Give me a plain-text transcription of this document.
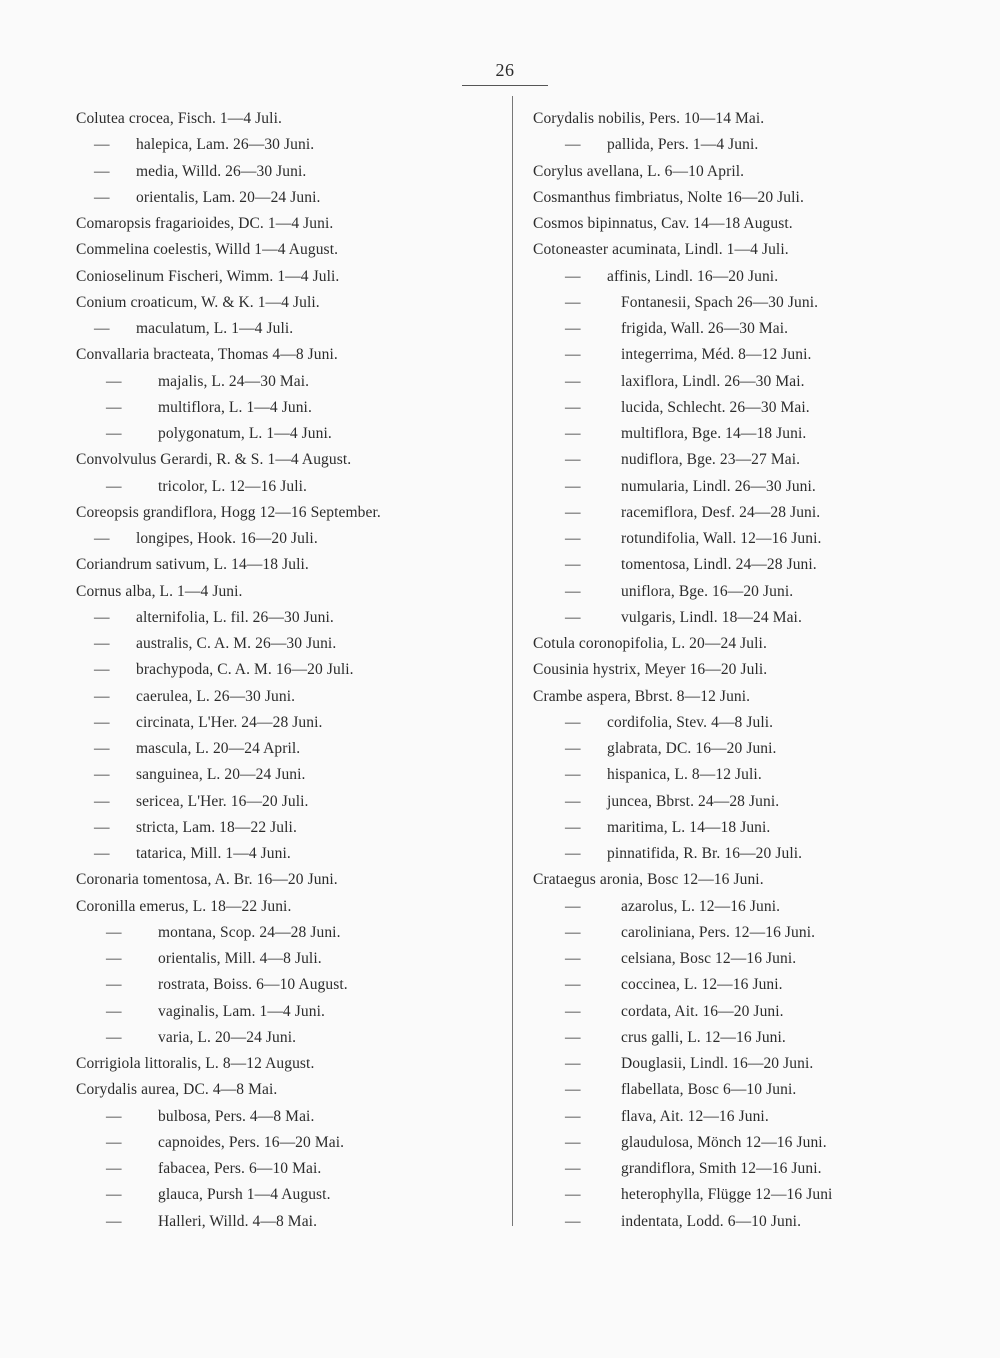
26
Colutea crocea, Fisch. 1—4 Juli.
— halepica, Lam. 26—30 Juni.
— media, Willd. 26—30 Juni.
— orientalis, Lam. 20—24 Juni.
Comaropsis fragarioides, DC. 1—4 Juni.
Commelina coelestis, Willd 1—4 August.
Conioselinum Fischeri, Wimm. 1—4 Juli.
Conium croaticum, W. & K. 1—4 Juli.
— maculatum, L. 1—4 Juli.
Convallaria bracteata, Thomas 4—8 Juni.
— majalis, L. 24—30 Mai.
— multiflora, L. 1—4 Juni.
— polygonatum, L. 1—4 Juni.
Convolvulus Gerardi, R. & S. 1—4 August.
— tricolor, L. 12—16 Juli.
Coreopsis grandiflora, Hogg 12—16 September.
— longipes, Hook. 16—20 Juli.
Coriandrum sativum, L. 14—18 Juli.
Cornus alba, L. 1—4 Juni.
— alternifolia, L. fil. 26—30 Juni.
— australis, C. A. M. 26—30 Juni.
— brachypoda, C. A. M. 16—20 Juli.
— caerulea, L. 26—30 Juni.
— circinata, L'Her. 24—28 Juni.
— mascula, L. 20—24 April.
— sanguinea, L. 20—24 Juni.
— sericea, L'Her. 16—20 Juli.
— stricta, Lam. 18—22 Juli.
— tatarica, Mill. 1—4 Juni.
Coronaria tomentosa, A. Br. 16—20 Juni.
Coronilla emerus, L. 18—22 Juni.
— montana, Scop. 24—28 Juni.
— orientalis, Mill. 4—8 Juli.
— rostrata, Boiss. 6—10 August.
— vaginalis, Lam. 1—4 Juni.
— varia, L. 20—24 Juni.
Corrigiola littoralis, L. 8—12 August.
Corydalis aurea, DC. 4—8 Mai.
— bulbosa, Pers. 4—8 Mai.
— capnoides, Pers. 16—20 Mai.
— fabacea, Pers. 6—10 Mai.
— glauca, Pursh 1—4 August.
— Halleri, Willd. 4—8 Mai.
Corydalis nobilis, Pers. 10—14 Mai.
— pallida, Pers. 1—4 Juni.
Corylus avellana, L. 6—10 April.
Cosmanthus fimbriatus, Nolte 16—20 Juli.
Cosmos bipinnatus, Cav. 14—18 August.
Cotoneaster acuminata, Lindl. 1—4 Juli.
— affinis, Lindl. 16—20 Juni.
—	Fontanesii, Spach 26—30 Juni.
—	frigida, Wall. 26—30 Mai.
—	integerrima, Méd. 8—12 Juni.
—	laxiflora, Lindl. 26—30 Mai.
—	lucida, Schlecht. 26—30 Mai.
—	multiflora, Bge. 14—18 Juni.
—	nudiflora, Bge. 23—27 Mai.
—	numularia, Lindl. 26—30 Juni.
—	racemiflora, Desf. 24—28 Juni.
—	rotundifolia, Wall. 12—16 Juni.
—	tomentosa, Lindl. 24—28 Juni.
—	uniflora, Bge. 16—20 Juni.
—	vulgaris, Lindl. 18—24 Mai.
Cotula coronopifolia, L. 20—24 Juli.
Cousinia hystrix, Meyer 16—20 Juli.
Crambe aspera, Bbrst. 8—12 Juni.
— cordifolia, Stev. 4—8 Juli.
— glabrata, DC. 16—20 Juni.
— hispanica, L. 8—12 Juli.
— juncea, Bbrst. 24—28 Juni.
— maritima, L. 14—18 Juni.
— pinnatifida, R. Br. 16—20 Juli.
Crataegus aronia, Bosc 12—16 Juni.
—	azarolus, L. 12—16 Juni.
—	caroliniana, Pers. 12—16 Juni.
—	celsiana, Bosc 12—16 Juni.
—	coccinea, L. 12—16 Juni.
—	cordata, Ait. 16—20 Juni.
—	crus galli, L. 12—16 Juni.
—	Douglasii, Lindl. 16—20 Juni.
—	flabellata, Bosc 6—10 Juni.
—	flava, Ait. 12—16 Juni.
—	glaudulosa, Mönch 12—16 Juni.
—	grandiflora, Smith 12—16 Juni.
—	heterophylla, Flügge 12—16 Juni
—	indentata, Lodd. 6—10 Juni.
